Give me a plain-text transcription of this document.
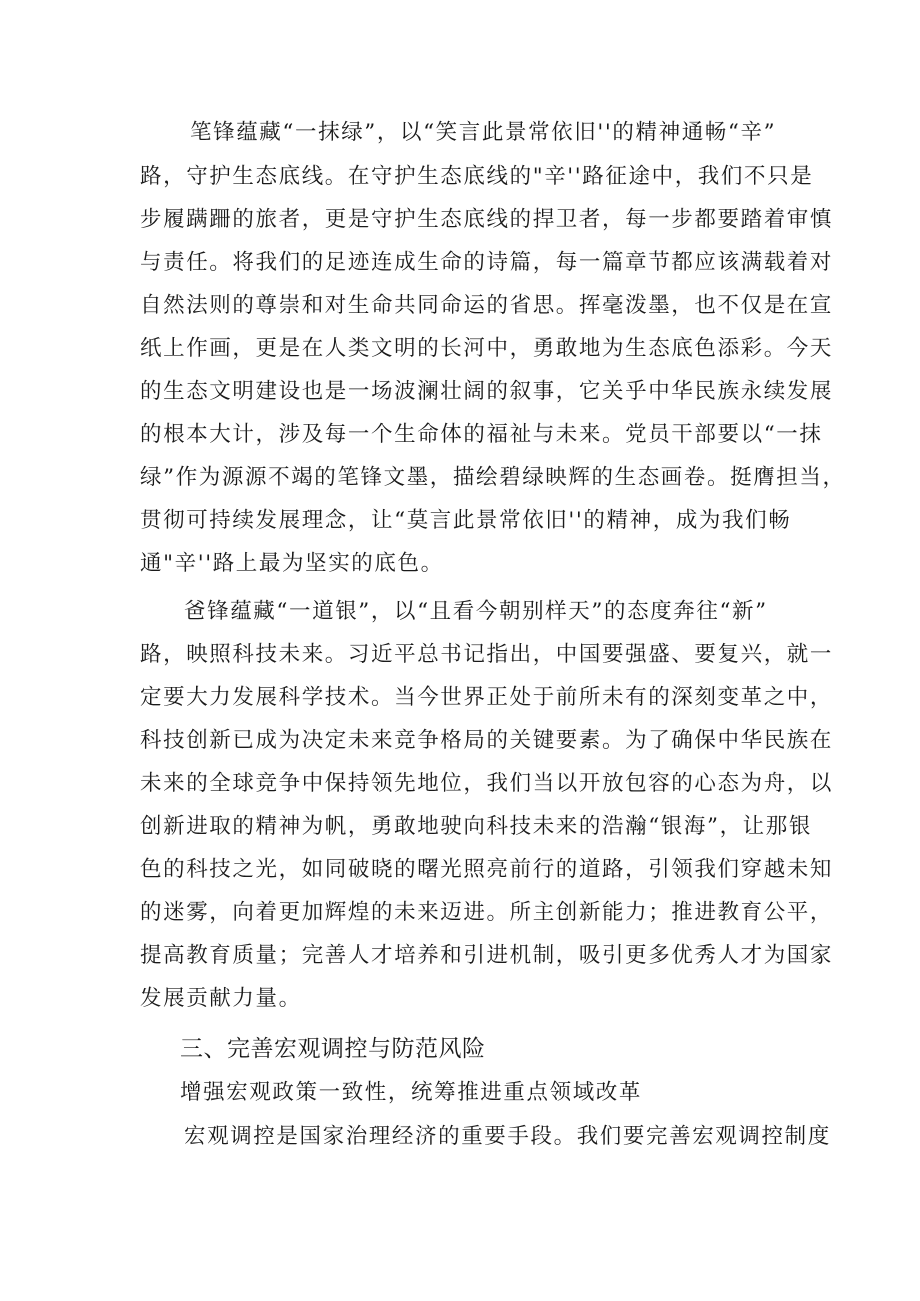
笔锋蕴藏“一抹绿”，以“笑言此景常依旧''的精神通畅“辛”
路，守护生态底线。在守护生态底线的"辛''路征途中，我们不只是
步履蹒跚的旅者，更是守护生态底线的捍卫者，每一步都要踏着审慎
与责任。将我们的足迹连成生命的诗篇，每一篇章节都应该满载着对
自然法则的尊崇和对生命共同命运的省思。挥毫泼墨，也不仅是在宣
纸上作画，更是在人类文明的长河中，勇敢地为生态底色添彩。今天
的生态文明建设也是一场波澜壮阔的叙事，它关乎中华民族永续发展
的根本大计，涉及每一个生命体的福祉与未来。党员干部要以“一抹
绿”作为源源不竭的笔锋文墨，描绘碧绿映辉的生态画卷。挺膺担当，
贯彻可持续发展理念，让“莫言此景常依旧''的精神，成为我们畅
通"辛''路上最为坚实的底色。
爸锋蕴藏“一道银”，以“且看今朝别样天”的态度奔往“新”
路，映照科技未来。习近平总书记指出，中国要强盛、要复兴，就一
定要大力发展科学技术。当今世界正处于前所未有的深刻变革之中，
科技创新已成为决定未来竞争格局的关键要素。为了确保中华民族在
未来的全球竞争中保持领先地位，我们当以开放包容的心态为舟，以
创新进取的精神为帆，勇敢地驶向科技未来的浩瀚“银海”，让那银
色的科技之光，如同破晓的曙光照亮前行的道路，引领我们穿越未知
的迷雾，向着更加辉煌的未来迈进。所主创新能力；推进教育公平，
提高教育质量；完善人才培养和引进机制，吸引更多优秀人才为国家
发展贡献力量。
三、完善宏观调控与防范风险
增强宏观政策一致性，统筹推进重点领域改革
宏观调控是国家治理经济的重要手段。我们要完善宏观调控制度
